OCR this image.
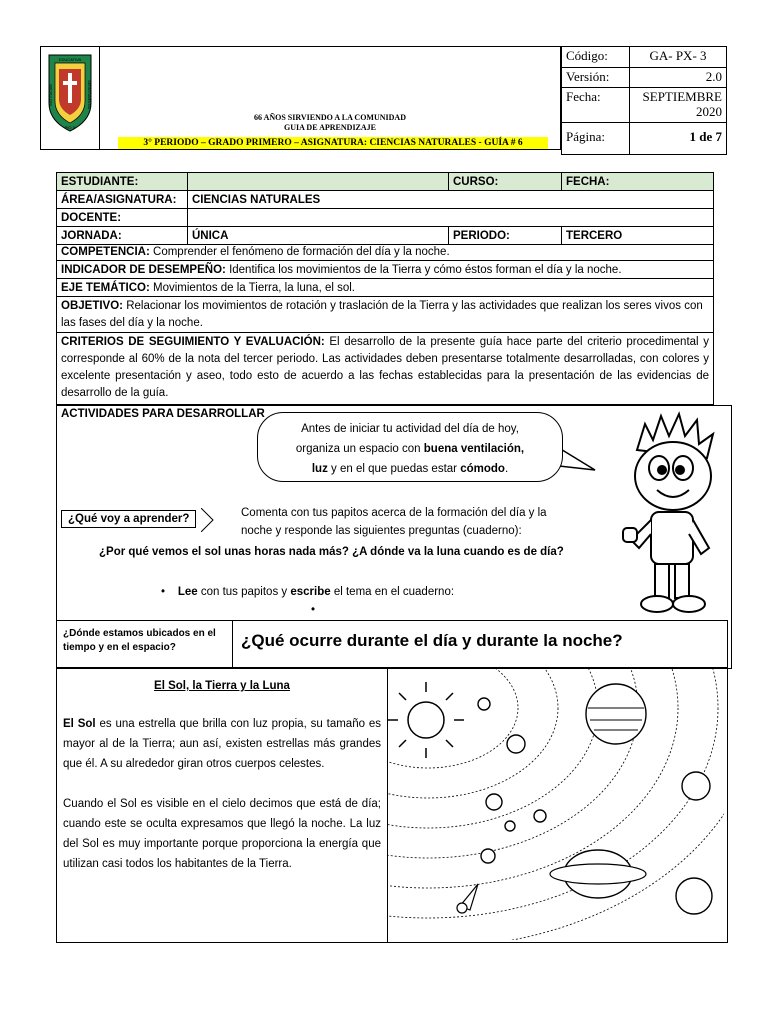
EDUCATIVA
PIO X
INSTITUCION	DEPARTAMENTAL
66 AÑOS SIRVIENDO A LA COMUNIDAD
GUIA DE APRENDIZAJE
3° PERIODO – GRADO PRIMERO – ASIGNATURA: CIENCIAS NATURALES - GUÍA # 6
Código:	GA- PX- 3
Versión:	2.0
Fecha:	SEPTIEMBRE 2020
Página:	1 de 7
ESTUDIANTE:		CURSO:	FECHA:
ÁREA/ASIGNATURA:	CIENCIAS NATURALES		
DOCENTE:			
JORNADA:	ÚNICA	PERIODO:	TERCERO
COMPETENCIA: Comprender el fenómeno de formación del día y la noche.
INDICADOR DE DESEMPEÑO: Identifica los movimientos de la Tierra y cómo éstos forman el día y la noche.
EJE TEMÁTICO: Movimientos de la Tierra, la luna, el sol.
OBJETIVO: Relacionar los movimientos de rotación y traslación de la Tierra y las actividades que realizan los seres vivos con las fases del día y la noche.
CRITERIOS DE SEGUIMIENTO Y EVALUACIÓN: El desarrollo de la presente guía hace parte del criterio procedimental y corresponde al 60% de la nota del tercer periodo. Las actividades deben presentarse totalmente desarrolladas, con colores y excelente presentación y aseo, todo esto de acuerdo a las fechas establecidas para la presentación de las evidencias de desarrollo de la guía.
ACTIVIDADES PARA DESARROLLAR
Antes de iniciar tu actividad del día de hoy,
organiza un espacio con buena ventilación,
luz y en el que puedas estar cómodo.
¿Qué voy a aprender?	Comenta con tus papitos acerca de la formación del día y la
noche y responde las siguientes preguntas (cuaderno):
¿Por qué vemos el sol unas horas nada más? ¿A dónde va la luna cuando es de día?
• Lee con tus papitos y escribe el tema en el cuaderno:
•
¿Dónde estamos ubicados en el tiempo y en el espacio?	¿Qué ocurre durante el día y durante la noche?
El Sol, la Tierra y la Luna

El Sol es una estrella que brilla con luz propia, su tamaño es mayor al de la Tierra; aun así, existen estrellas más grandes que él. A su alrededor giran otros cuerpos celestes.

Cuando el Sol es visible en el cielo decimos que está de día; cuando este se oculta expresamos que llegó la noche. La luz del Sol es muy importante porque proporciona la energía que utilizan casi todos los habitantes de la Tierra.
